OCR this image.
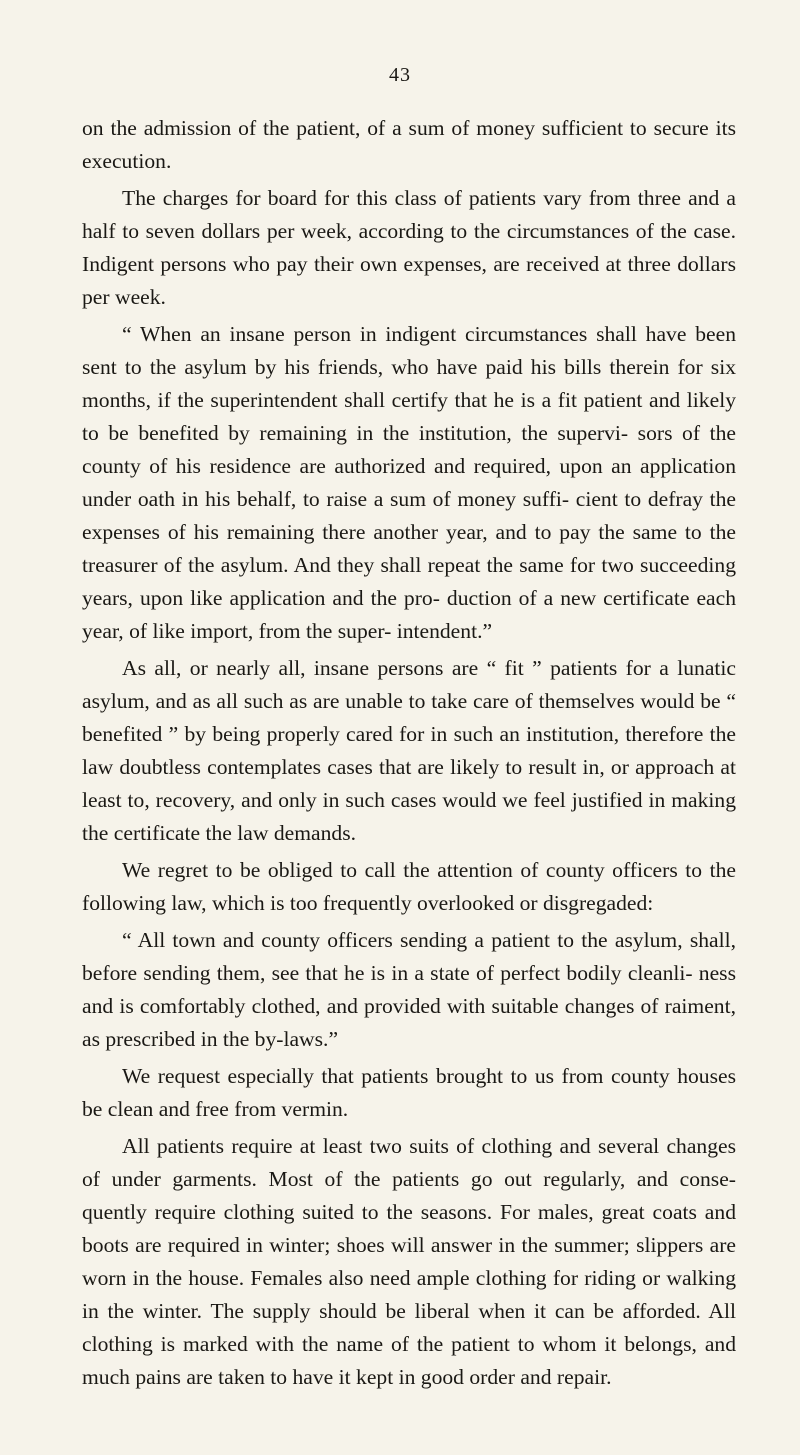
43

on the admission of the patient, of a sum of money sufficient to secure its execution.

The charges for board for this class of patients vary from three and a half to seven dollars per week, according to the circumstances of the case. Indigent persons who pay their own expenses, are received at three dollars per week.

“ When an insane person in indigent circumstances shall have been sent to the asylum by his friends, who have paid his bills therein for six months, if the superintendent shall certify that he is a fit patient and likely to be benefited by remaining in the institution, the supervi- sors of the county of his residence are authorized and required, upon an application under oath in his behalf, to raise a sum of money suffi- cient to defray the expenses of his remaining there another year, and to pay the same to the treasurer of the asylum. And they shall repeat the same for two succeeding years, upon like application and the pro- duction of a new certificate each year, of like import, from the super- intendent.”

As all, or nearly all, insane persons are “ fit ” patients for a lunatic asylum, and as all such as are unable to take care of themselves would be “ benefited ” by being properly cared for in such an institution, therefore the law doubtless contemplates cases that are likely to result in, or approach at least to, recovery, and only in such cases would we feel justified in making the certificate the law demands.

We regret to be obliged to call the attention of county officers to the following law, which is too frequently overlooked or disgregaded:

“ All town and county officers sending a patient to the asylum, shall, before sending them, see that he is in a state of perfect bodily cleanli- ness and is comfortably clothed, and provided with suitable changes of raiment, as prescribed in the by-laws.”

We request especially that patients brought to us from county houses be clean and free from vermin.

All patients require at least two suits of clothing and several changes of under garments. Most of the patients go out regularly, and conse- quently require clothing suited to the seasons. For males, great coats and boots are required in winter; shoes will answer in the summer; slippers are worn in the house. Females also need ample clothing for riding or walking in the winter. The supply should be liberal when it can be afforded. All clothing is marked with the name of the patient to whom it belongs, and much pains are taken to have it kept in good order and repair.
